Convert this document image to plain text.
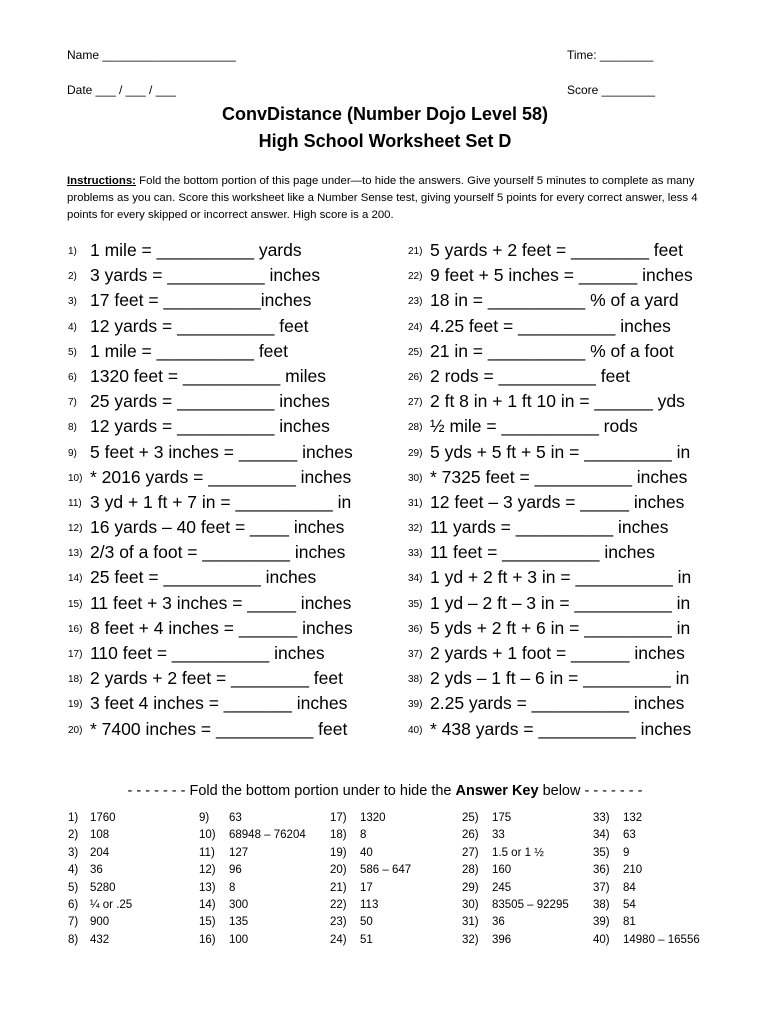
Name ____________________	Time: ________
Date ___ / ___ / ___	Score ________
ConvDistance (Number Dojo Level 58)
High School Worksheet Set D
Instructions: Fold the bottom portion of this page under—to hide the answers. Give yourself 5 minutes to complete as many problems as you can. Score this worksheet like a Number Sense test, giving yourself 5 points for every correct answer, less 4 points for every skipped or incorrect answer. High score is a 200.
1) 1 mile = __________ yards
2) 3 yards = __________ inches
3) 17 feet = __________inches
4) 12 yards = __________ feet
5) 1 mile = __________ feet
6) 1320 feet = __________ miles
7) 25 yards = __________ inches
8) 12 yards = __________ inches
9) 5 feet + 3 inches = ______ inches
10) * 2016 yards = _________ inches
11) 3 yd + 1 ft + 7 in = __________ in
12) 16 yards – 40 feet = ____ inches
13) 2/3 of a foot = _________ inches
14) 25 feet = __________ inches
15) 11 feet + 3 inches = _____ inches
16) 8 feet + 4 inches = ______ inches
17) 110 feet = __________ inches
18) 2 yards + 2 feet = ________ feet
19) 3 feet 4 inches = _______ inches
20) * 7400 inches = __________ feet
21) 5 yards + 2 feet = ________ feet
22) 9 feet + 5 inches = ______ inches
23) 18 in = __________ % of a yard
24) 4.25 feet = __________ inches
25) 21 in = __________ % of a foot
26) 2 rods = __________ feet
27) 2 ft 8 in + 1 ft 10 in = ______ yds
28) ½ mile = __________ rods
29) 5 yds + 5 ft + 5 in = _________ in
30) * 7325 feet = __________ inches
31) 12 feet – 3 yards = _____ inches
32) 11 yards = __________ inches
33) 11 feet = __________ inches
34) 1 yd + 2 ft + 3 in = __________ in
35) 1 yd – 2 ft – 3 in = __________ in
36) 5 yds + 2 ft + 6 in = _________ in
37) 2 yards + 1 foot = ______ inches
38) 2 yds – 1 ft – 6 in = _________ in
39) 2.25 yards = __________ inches
40) * 438 yards = __________ inches
- - - - - - - Fold the bottom portion under to hide the Answer Key below - - - - - - -
1) 1760
2) 108
3) 204
4) 36
5) 5280
6) ¼ or .25
7) 900
8) 432
9) 63
10) 68948 – 76204
11) 127
12) 96
13) 8
14) 300
15) 135
16) 100
17) 1320
18) 8
19) 40
20) 586 – 647
21) 17
22) 113
23) 50
24) 51
25) 175
26) 33
27) 1.5 or 1 ½
28) 160
29) 245
30) 83505 – 92295
31) 36
32) 396
33) 132
34) 63
35) 9
36) 210
37) 84
38) 54
39) 81
40) 14980 – 16556
